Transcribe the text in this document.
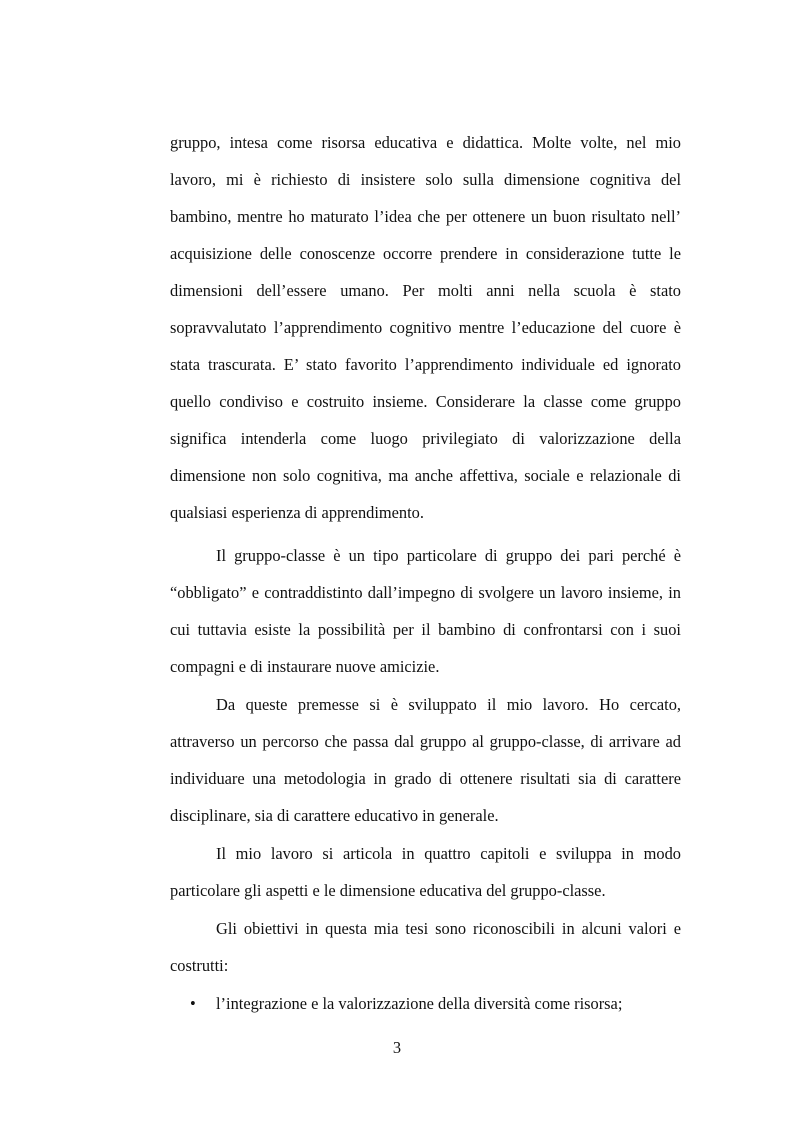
gruppo, intesa come risorsa educativa e didattica. Molte volte, nel mio lavoro, mi è richiesto di insistere solo sulla dimensione cognitiva del bambino, mentre ho maturato l’idea che per ottenere un buon risultato nell’ acquisizione delle conoscenze occorre prendere in considerazione tutte le dimensioni dell’essere umano. Per molti anni nella scuola è stato sopravvalutato l’apprendimento cognitivo mentre l’educazione del cuore è stata trascurata. E’ stato favorito l’apprendimento individuale ed ignorato quello condiviso e costruito insieme. Considerare la classe come gruppo significa intenderla come luogo privilegiato di valorizzazione della dimensione non solo cognitiva, ma anche affettiva, sociale e relazionale di qualsiasi esperienza di apprendimento.

Il gruppo-classe è un tipo particolare di gruppo dei pari perché è “obbligato” e contraddistinto dall’impegno di svolgere un lavoro insieme, in cui tuttavia esiste la possibilità per il bambino di confrontarsi con i suoi compagni e di instaurare nuove amicizie.

Da queste premesse si è sviluppato il mio lavoro. Ho cercato, attraverso un percorso che passa dal gruppo al gruppo-classe, di arrivare ad individuare una metodologia in grado di ottenere risultati sia di carattere disciplinare, sia di carattere educativo in generale.

Il mio lavoro si articola in quattro capitoli e sviluppa in modo particolare gli aspetti e le dimensione educativa del gruppo-classe.

Gli obiettivi in questa mia tesi sono riconoscibili in alcuni valori e costrutti:

• l’integrazione e la valorizzazione della diversità come risorsa;
3
